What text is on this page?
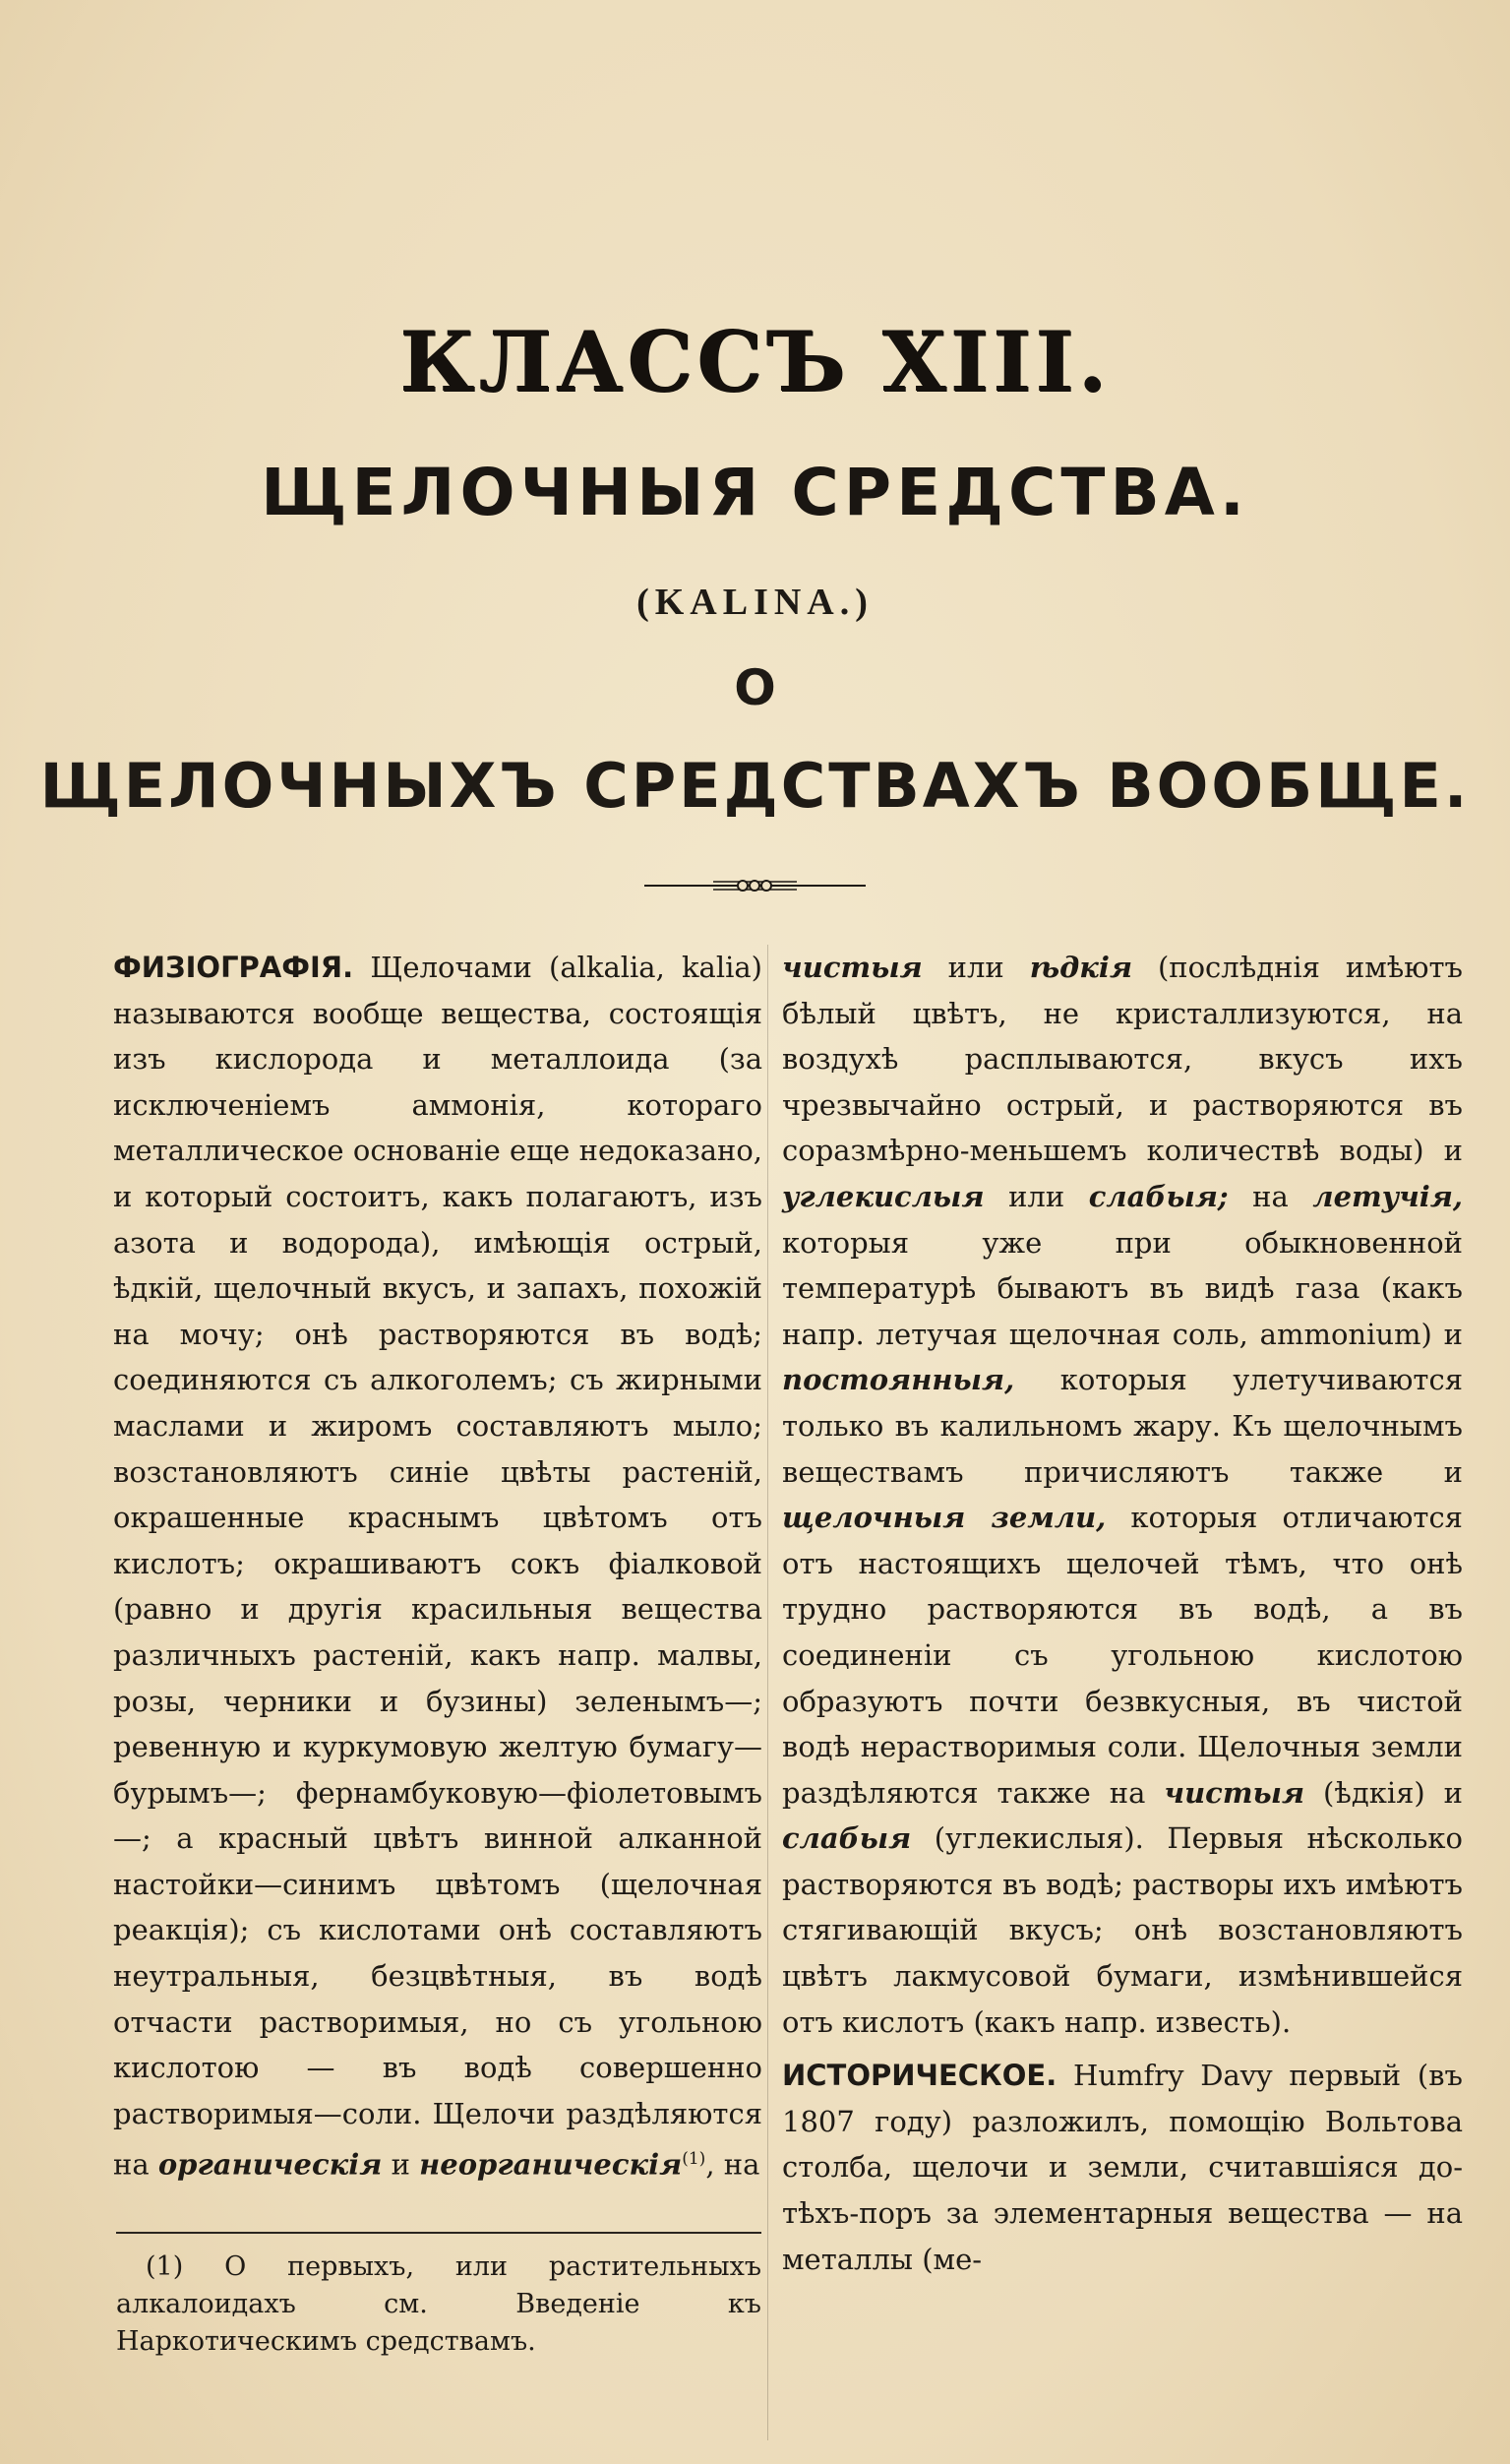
КЛАССЪ XIII.
ЩЕЛОЧНЫЯ СРЕДСТВА.
(KALINA.)
О
ЩЕЛОЧНЫХЪ СРЕДСТВАХЪ ВООБЩЕ.

ФИЗІОГРАФІЯ. Щелочами (alkalia, kalia) называются вообще вещества, состоящія изъ кислорода и металлоида (за исключеніемъ аммонія, котораго металлическое основаніе еще недоказано, и который состоитъ, какъ полагаютъ, изъ азота и водорода), имѣющія острый, ѣдкій, щелочный вкусъ, и запахъ, похожій на мочу; онѣ растворяются въ водѣ; соединяются съ алкоголемъ; съ жирными маслами и жиромъ составляютъ мыло; возстановляютъ синіе цвѣты растеній, окрашенные краснымъ цвѣтомъ отъ кислотъ; окрашиваютъ сокъ фіалковой (равно и другія красильныя вещества различныхъ растеній, какъ напр. малвы, розы, черники и бузины) зеленымъ—; ревенную и куркумовую желтую бумагу—бурымъ—; фернамбуковую—фіолетовымъ—; а красный цвѣтъ винной алканной настойки—синимъ цвѣтомъ (щелочная реакція); съ кислотами онѣ составляютъ неутральныя, безцвѣтныя, въ водѣ отчасти растворимыя, но съ угольною кислотою — въ водѣ совершенно растворимыя—соли. Щелочи раздѣляются на органическія и неорганическія$^{(1)}$, на

(1) О первыхъ, или растительныхъ алкалоидахъ см. Введеніе къ Наркотическимъ средствамъ.

чистыя или ѣдкія (послѣднія имѣютъ бѣлый цвѣтъ, не кристаллизуются, на воздухѣ расплываются, вкусъ ихъ чрезвычайно острый, и растворяются въ соразмѣрно-меньшемъ количествѣ воды) и углекислыя или слабыя; на летучія, которыя уже при обыкновенной температурѣ бываютъ въ видѣ газа (какъ напр. летучая щелочная соль, ammonium) и постоянныя, которыя улетучиваются только въ калильномъ жару. Къ щелочнымъ веществамъ причисляютъ также и щелочныя земли, которыя отличаются отъ настоящихъ щелочей тѣмъ, что онѣ трудно растворяются въ водѣ, а въ соединеніи съ угольною кислотою образуютъ почти безвкусныя, въ чистой водѣ нерастворимыя соли. Щелочныя земли раздѣляются также на чистыя (ѣдкія) и слабыя (углекислыя). Первыя нѣсколько растворяются въ водѣ; растворы ихъ имѣютъ стягивающій вкусъ; онѣ возстановляютъ цвѣтъ лакмусовой бумаги, измѣнившейся отъ кислотъ (какъ напр. известь).

ИСТОРИЧЕСКОЕ. Humfry Davy первый (въ 1807 году) разложилъ, помощію Вольтова столба, щелочи и земли, считавшіяся до-тѣхъ-поръ за элементарныя вещества — на металлы (ме-
